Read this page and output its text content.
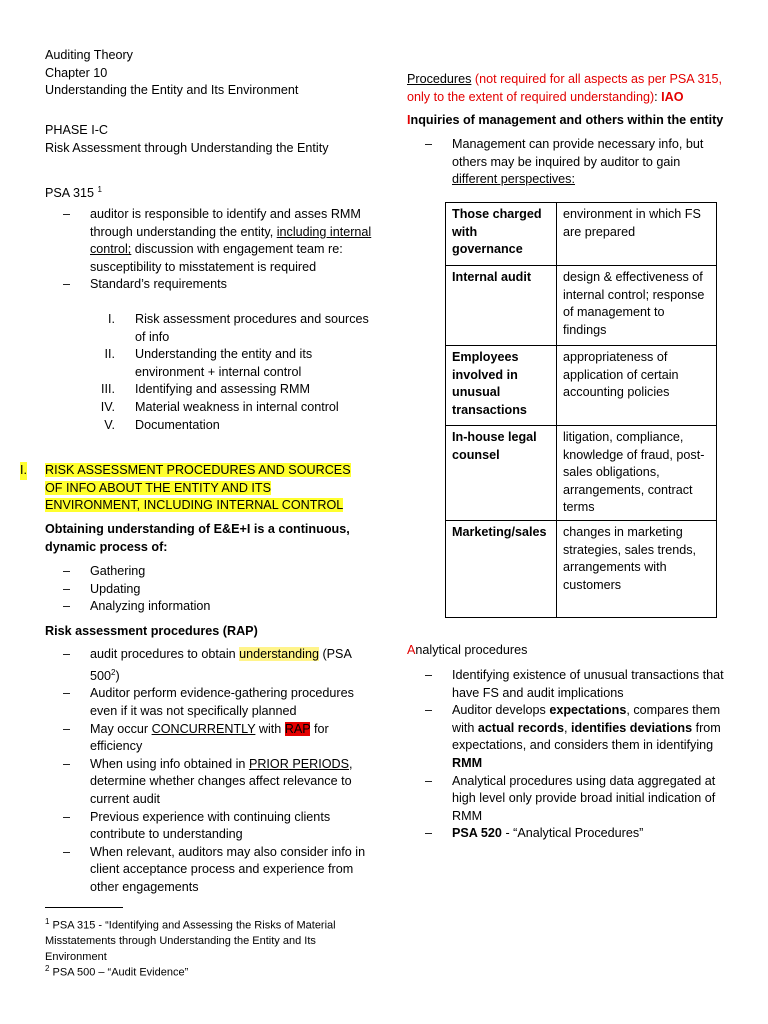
Auditing Theory
Chapter 10
Understanding the Entity and Its Environment
PHASE I-C
Risk Assessment through Understanding the Entity
PSA 315 $^1$
– auditor is responsible to identify and asses RMM through understanding the entity, including internal control; discussion with engagement team re: susceptibility to misstatement is required
– Standard’s requirements
I. Risk assessment procedures and sources of info
II. Understanding the entity and its environment + internal control
III. Identifying and assessing RMM
IV. Material weakness in internal control
V. Documentation
I. RISK ASSESSMENT PROCEDURES AND SOURCES OF INFO ABOUT THE ENTITY AND ITS ENVIRONMENT, INCLUDING INTERNAL CONTROL
Obtaining understanding of E&E+I is a continuous, dynamic process of:
– Gathering
– Updating
– Analyzing information
Risk assessment procedures (RAP)
– audit procedures to obtain understanding (PSA $500^2$)
– Auditor perform evidence-gathering procedures even if it was not specifically planned
– May occur CONCURRENTLY with RAP for efficiency
– When using info obtained in PRIOR PERIODS, determine whether changes affect relevance to current audit
– Previous experience with continuing clients contribute to understanding
– When relevant, auditors may also consider info in client acceptance process and experience from other engagements
$^1$ PSA 315 - “Identifying and Assessing the Risks of Material Misstatements through Understanding the Entity and Its Environment
$^2$ PSA 500 – “Audit Evidence”
Procedures (not required for all aspects as per PSA 315, only to the extent of required understanding): IAO
Inquiries of management and others within the entity
– Management can provide necessary info, but others may be inquired by auditor to gain different perspectives:
Those charged with governance	environment in which FS are prepared
Internal audit	design & effectiveness of internal control; response of management to findings
Employees involved in unusual transactions	appropriateness of application of certain accounting policies
In-house legal counsel	litigation, compliance, knowledge of fraud, post-sales obligations, arrangements, contract terms
Marketing/sales	changes in marketing strategies, sales trends, arrangements with customers
Analytical procedures
– Identifying existence of unusual transactions that have FS and audit implications
– Auditor develops expectations, compares them with actual records, identifies deviations from expectations, and considers them in identifying RMM
– Analytical procedures using data aggregated at high level only provide broad initial indication of RMM
– PSA 520 - “Analytical Procedures”
